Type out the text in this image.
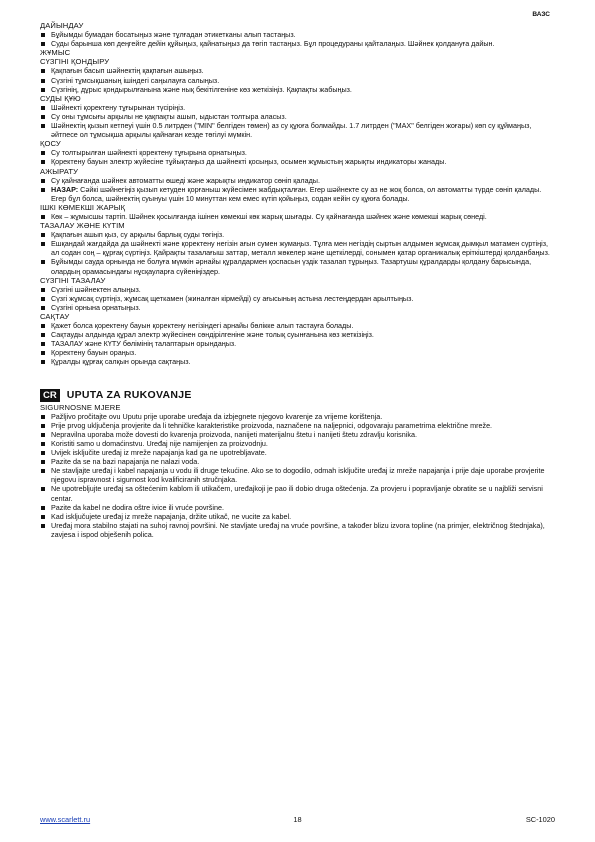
ВАЗС
ДАЙЫНДАУ
Бұйымды бумадан босатыңыз және тұлғадан этикетканы алып тастаңыз.
Суды барынша көп деңгейге дейін құйыңыз, қайнатыңыз да төгіп тастаңыз. Бұл процедураны қайталаңыз. Шәйнек қолдануға дайын.
ЖҰМЫС
СҮЗГІНІ ҚОНДЫРУ
Қақпағын басып шәйнектің қақпағын ашыңыз.
Сүзгіні тұмсықшаның ішіндегі саңылауға салыңыз.
Сүзгінің, дұрыс қондырылғанына және нық бекітілгеніне көз жеткізіңіз. Қақпақты жабыңыз.
СУДЫ ҚҰЮ
Шәйнекті қоректену тұғырынан түсіріңіз.
Су оны тұмсығы арқылы не қақпақты ашып, ыдыстан толтыра аласыз.
Шәйнектің қызып кетпеуі үшін 0.5 литрден ("MIN" белгіден төмен) аз су құюға болмайды. 1.7 литрден ("MAX" белгіден жоғары) көп су құймаңыз, әйтпесе ол тұмсықша арқылы қайнаған кезде төгілуі мүмкін.
ҚОСУ
Су толтырылған шәйнекті қоректену тұғырына орнатыңыз.
Қоректену бауын электр жүйесіне тұйықтаңыз да шәйнекті қосыңыз, осымен жұмыстың жарықты индикаторы жанады.
АЖЫРАТУ
Су қайнағанда шәйнек автоматты өшеді және жарықты индикатор сөніп қалады.
НАЗАР: Сәйкі шәйнегіңіз қызып кетуден қорғаныш жүйесімен жабдықталған. Егер шәйнекте су аз не жоқ болса, ол автоматты түрде сөніп қалады. Егер бұл болса, шәйнектің суынуы үшін 10 минуттан кем емес күтіп қойыңыз, содан кейін су құюға болады.
ІШКІ КӨМЕКШІ ЖАРЫҚ
Көк – жұмысшы тартіп. Шәйнек қосылғанда ішінен көмекші көк жарық шығады. Су қайнағанда шәйнек және көмекші жарық сөнеді.
ТАЗАЛАУ ЖӘНЕ КҮТІМ
Қақпағын ашып қыз, су арқылы барлық суды төгіңіз.
Ешқандай жағдайда да шәйнекті және қоректену негізін ағын сумен жумаңыз. Тұлға мен негіздің сыртын алдымен жұмсақ дымқыл матамен сүртіңіз, ал содан соң – құрғақ сүртіңіз. Қайрақты тазалағыш заттар, металл жөкелер және щеткілерді, сонымен қатар органикалық еріткіштерді қолданбаңыз.
Бұйымды сауда орнында не болуға мүмкін әрнайы құралдармен қоспасын үздік тазалап тұрыңыз. Тазартушы құралдарды қолдану барысында, олардың орамасындағы нұсқауларға сүйеніңіздер.
СҮЗГІНІ ТАЗАЛАУ
Сүзгіні шәйнектен алыңыз.
Сүзгі жұмсақ сүртіңіз, жұмсақ щеткамен (жиналған кірмейді) су ағысының астына лестеңдердан арылтыңыз.
Сүзгіні орнына орнатыңыз.
САҚТАУ
Қажет болса қоректену бауын қоректену негізіндегі арнайы бөлікке алып тастауға болады.
Сақтауды алдында құрал электр жүйесінен сөндірілгеніне және толық суынғанына көз жеткізіңіз.
ТАЗАЛАУ және КҮТУ бөлімінің талаптарын орындаңыз.
Қоректену бауын ораңыз.
Құралды құрғақ салқын орында сақтаңыз.
CR UPUTA ZA RUKOVANJE
SIGURNOSNE MJERE
Pažljivo pročitajte ovu Uputu prije uporabe uređaja da izbjegnete njegovo kvarenje za vrijeme korištenja.
Prije prvog uključenja provjerite da li tehničke karakteristike proizvoda, naznačene na naljepnici, odgovaraju parametrima električne mreže.
Nepravilna uporaba može dovesti do kvarenja proizvoda, nanijeti materijalnu štetu i nanijeti štetu zdravlju korisnika.
Koristiti samo u domaćinstvu. Uređaj nije namijenjen za proizvodnju.
Uvijek isključite uređaj iz mreže napajanja kad ga ne upotrebljavate.
Pazite da se na bazi napajanja ne nalazi voda.
Ne stavljajte uređaj i kabel napajanja u vodu ili druge tekućine. Ako se to dogodilo, odmah isključite uređaj iz mreže napajanja i prije daje uporabe provjerite njegovu ispravnost i sigurnost kod kvalificiranih stručnjaka.
Ne upotrebljujte uređaj sa oštećenim kablom ili utikačem, uređajkoji je pao ili dobio druga oštećenja. Za provjeru i popravljanje obratite se u najbliži servisni centar.
Pazite da kabel ne dodira oštre ivice ili vruće površine.
Kad isključujete uređaj iz mreže napajanja, držite utikač, ne vucite za kabel.
Uređaj mora stabilno stajati na suhoj ravnoj površini. Ne stavljate uređaj na vruće površine, a također blizu izvora topline (na primjer, električnog štednjaka), zavjesa i ispod obješenih polica.
www.scarlett.ru	18	SC-1020
